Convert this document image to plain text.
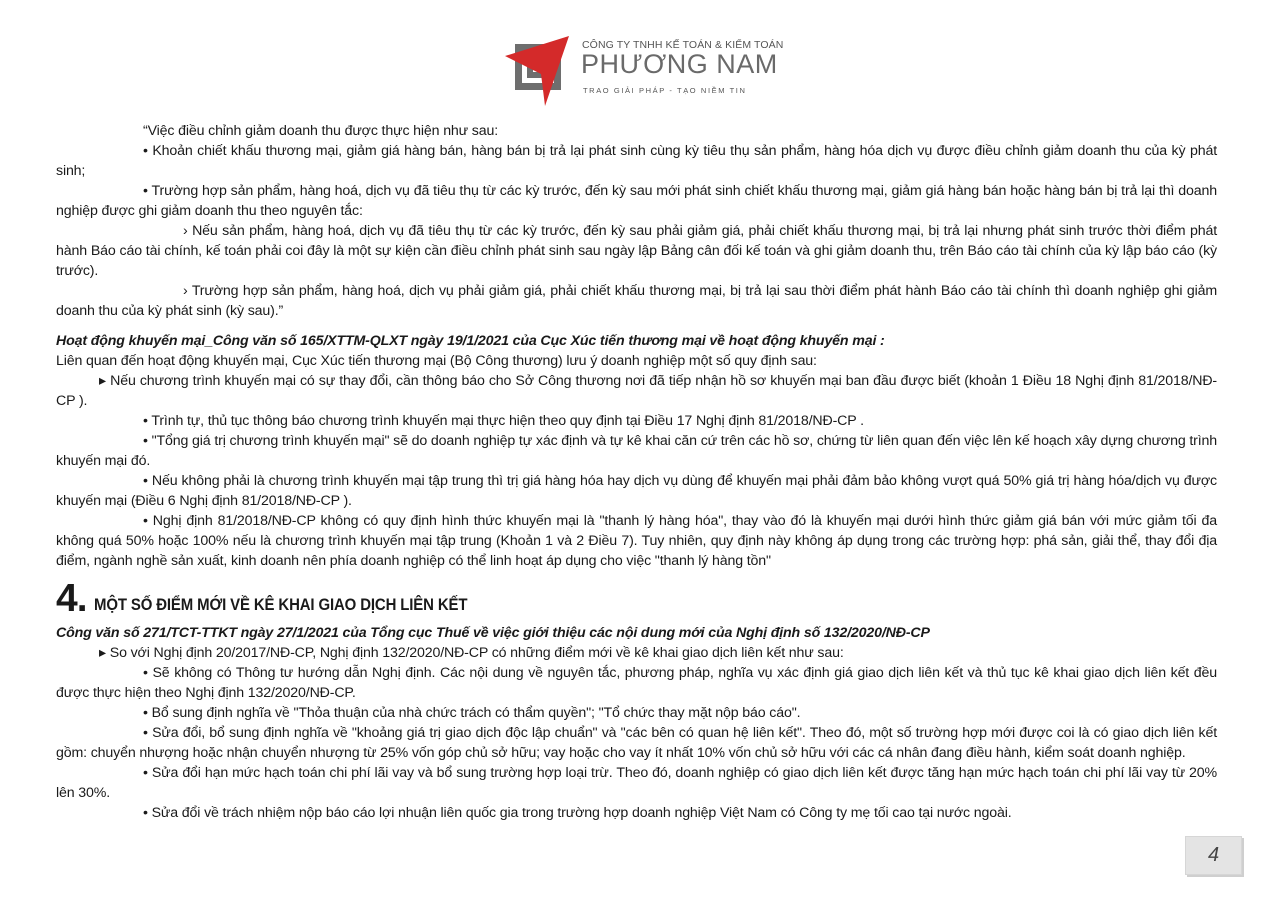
CÔNG TY TNHH KẾ TOÁN & KIỂM TOÁN
PHƯƠNG NAM
TRAO GIẢI PHÁP - TẠO NIỀM TIN

“Việc điều chỉnh giảm doanh thu được thực hiện như sau:

• Khoản chiết khấu thương mại, giảm giá hàng bán, hàng bán bị trả lại phát sinh cùng kỳ tiêu thụ sản phẩm, hàng hóa dịch vụ được điều chỉnh giảm doanh thu của kỳ phát sinh;

• Trường hợp sản phẩm, hàng hoá, dịch vụ đã tiêu thụ từ các kỳ trước, đến kỳ sau mới phát sinh chiết khấu thương mại, giảm giá hàng bán hoặc hàng bán bị trả lại thì doanh nghiệp được ghi giảm doanh thu theo nguyên tắc:

› Nếu sản phẩm, hàng hoá, dịch vụ đã tiêu thụ từ các kỳ trước, đến kỳ sau phải giảm giá, phải chiết khấu thương mại, bị trả lại nhưng phát sinh trước thời điểm phát hành Báo cáo tài chính, kế toán phải coi đây là một sự kiện cần điều chỉnh phát sinh sau ngày lập Bảng cân đối kế toán và ghi giảm doanh thu, trên Báo cáo tài chính của kỳ lập báo cáo (kỳ trước).

› Trường hợp sản phẩm, hàng hoá, dịch vụ phải giảm giá, phải chiết khấu thương mại, bị trả lại sau thời điểm phát hành Báo cáo tài chính thì doanh nghiệp ghi giảm doanh thu của kỳ phát sinh (kỳ sau).”

Hoạt động khuyến mại_Công văn số 165/XTTM-QLXT ngày 19/1/2021 của Cục Xúc tiến thương mại về hoạt động khuyến mại :

Liên quan đến hoạt động khuyến mại, Cục Xúc tiến thương mại (Bộ Công thương) lưu ý doanh nghiệp một số quy định sau:

▸ Nếu chương trình khuyến mại có sự thay đổi, cần thông báo cho Sở Công thương nơi đã tiếp nhận hồ sơ khuyến mại ban đầu được biết (khoản 1 Điều 18 Nghị định 81/2018/NĐ-CP ).

• Trình tự, thủ tục thông báo chương trình khuyến mại thực hiện theo quy định tại Điều 17 Nghị định 81/2018/NĐ-CP .

• "Tổng giá trị chương trình khuyến mại" sẽ do doanh nghiệp tự xác định và tự kê khai căn cứ trên các hồ sơ, chứng từ liên quan đến việc lên kế hoạch xây dựng chương trình khuyến mại đó.

• Nếu không phải là chương trình khuyến mại tập trung thì trị giá hàng hóa hay dịch vụ dùng để khuyến mại phải đảm bảo không vượt quá 50% giá trị hàng hóa/dịch vụ được khuyến mại (Điều 6 Nghị định 81/2018/NĐ-CP ).

• Nghị định 81/2018/NĐ-CP không có quy định hình thức khuyến mại là "thanh lý hàng hóa", thay vào đó là khuyến mại dưới hình thức giảm giá bán với mức giảm tối đa không quá 50% hoặc 100% nếu là chương trình khuyến mại tập trung (Khoản 1 và 2 Điều 7). Tuy nhiên, quy định này không áp dụng trong các trường hợp: phá sản, giải thể, thay đổi địa điểm, ngành nghề sản xuất, kinh doanh nên phía doanh nghiệp có thể linh hoạt áp dụng cho việc "thanh lý hàng tồn"

4. MỘT SỐ ĐIỂM MỚI VỀ KÊ KHAI GIAO DỊCH LIÊN KẾT

Công văn số 271/TCT-TTKT ngày 27/1/2021 của Tổng cục Thuế về việc giới thiệu các nội dung mới của Nghị định số 132/2020/NĐ-CP

▸ So với Nghị định 20/2017/NĐ-CP, Nghị định 132/2020/NĐ-CP có những điểm mới về kê khai giao dịch liên kết như sau:

• Sẽ không có Thông tư hướng dẫn Nghị định. Các nội dung về nguyên tắc, phương pháp, nghĩa vụ xác định giá giao dịch liên kết và thủ tục kê khai giao dịch liên kết đều được thực hiện theo Nghị định 132/2020/NĐ-CP.

• Bổ sung định nghĩa về "Thỏa thuận của nhà chức trách có thẩm quyền"; "Tổ chức thay mặt nộp báo cáo".

• Sửa đổi, bổ sung định nghĩa về "khoảng giá trị giao dịch độc lập chuẩn" và "các bên có quan hệ liên kết". Theo đó, một số trường hợp mới được coi là có giao dịch liên kết gồm: chuyển nhượng hoặc nhận chuyển nhượng từ 25% vốn góp chủ sở hữu; vay hoặc cho vay ít nhất 10% vốn chủ sở hữu với các cá nhân đang điều hành, kiểm soát doanh nghiệp.

• Sửa đổi hạn mức hạch toán chi phí lãi vay và bổ sung trường hợp loại trừ. Theo đó, doanh nghiệp có giao dịch liên kết được tăng hạn mức hạch toán chi phí lãi vay từ 20% lên 30%.

• Sửa đổi về trách nhiệm nộp báo cáo lợi nhuận liên quốc gia trong trường hợp doanh nghiệp Việt Nam có Công ty mẹ tối cao tại nước ngoài.

4
